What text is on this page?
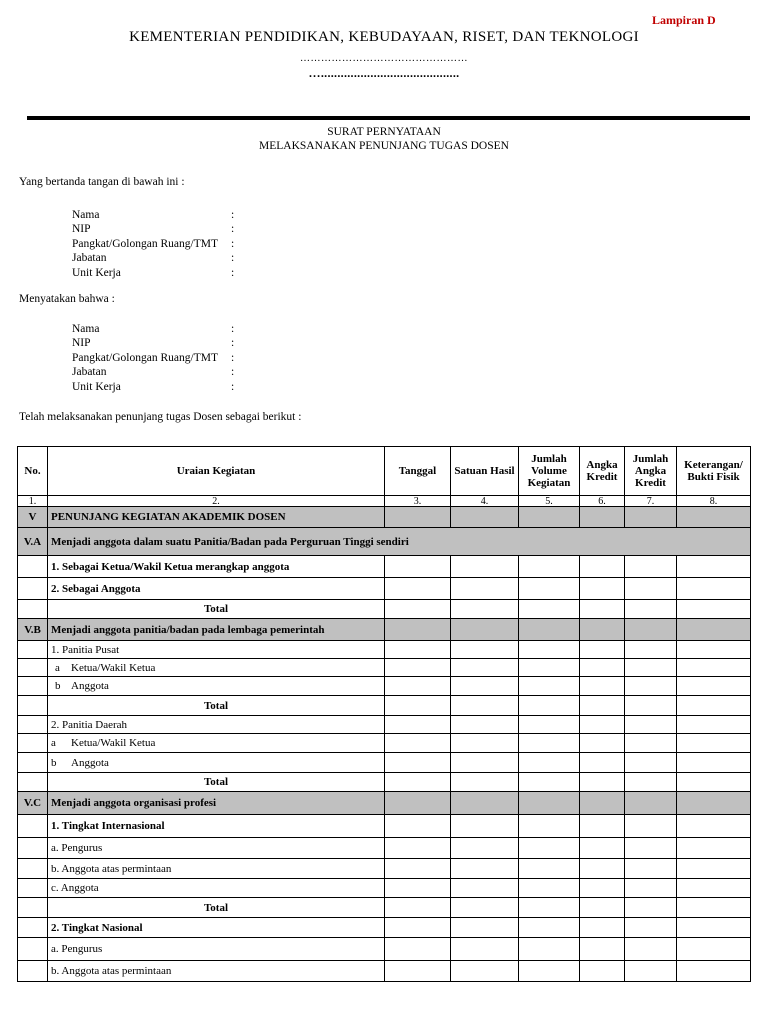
Lampiran D
KEMENTERIAN PENDIDIKAN, KEBUDAYAAN, RISET, DAN TEKNOLOGI
…………………………………………
…..........................................
SURAT PERNYATAAN
MELAKSANAKAN PENUNJANG TUGAS DOSEN
Yang bertanda tangan di bawah ini :
Nama	:
NIP	:
Pangkat/Golongan Ruang/TMT :
Jabatan	:
Unit Kerja	:
Menyatakan bahwa :
Nama	:
NIP	:
Pangkat/Golongan Ruang/TMT :
Jabatan	:
Unit Kerja	:
Telah melaksanakan penunjang tugas Dosen sebagai berikut :
No.	Uraian Kegiatan	Tanggal	Satuan Hasil	Jumlah Volume Kegiatan	Angka Kredit	Jumlah Angka Kredit	Keterangan/ Bukti Fisik
1.	2.	3.	4.	5.	6.	7.	8.
V	PENUNJANG KEGIATAN AKADEMIK DOSEN						
V.A	Menjadi anggota dalam suatu Panitia/Badan pada Perguruan Tinggi sendiri						
	1. Sebagai Ketua/Wakil Ketua merangkap anggota						
	2. Sebagai Anggota						
	Total						
V.B	Menjadi anggota panitia/badan pada lembaga pemerintah						
	1. Panitia Pusat						
	a Ketua/Wakil Ketua						
	b Anggota						
	Total						
	2. Panitia Daerah						
	a Ketua/Wakil Ketua						
	b Anggota						
	Total						
V.C	Menjadi anggota organisasi profesi						
	1. Tingkat Internasional						
	a. Pengurus						
	b. Anggota atas permintaan						
	c. Anggota						
	Total						
	2. Tingkat Nasional						
	a. Pengurus						
	b. Anggota atas permintaan						
